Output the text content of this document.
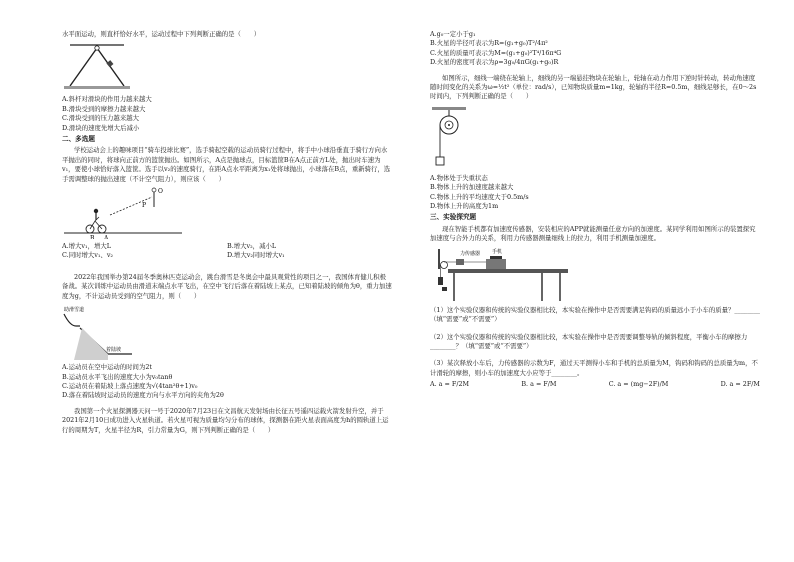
水平面运动，则直杆恰好水平，运动过程中下列判断正确的是（　　）

A.斜杆对滑块的作用力越来越大

B.滑块受到的摩擦力越来越大

C.滑块受到的压力越来越大

D.滑块的速度先增大后减小

二、多选题

学校运动会上的趣味项目“骑车投球比赛”，选手骑起空载的运动员骑行过程中，将手中小球沿垂直于骑行方向水平抛出的同时，将球向正前方的篮筐抛出。如图所示，A点是抛球点，目标篮筐B在A点正前方L处，抛出时车速为v₁，要使小球恰好落入篮筐。选手以v₂的速度骑行，在距A点水平距离为x₁处将球抛出，小球落在B点，重新骑行，选手需调整球的抛出速度（不计空气阻力），则应该（　　）

O
P
B A

A.增大v₁，增大L	B.增大v₂，减小L

C.同时增大v₁、v₂	D.增大v₂同时增大v₁

2022年我国举办第24届冬季奥林匹克运动会，跳台滑雪是冬奥会中最具观赏性的项目之一，我国体育健儿积极备战。某次训练中运动员由滑道末端点水平飞出，在空中飞行后落在着陆坡上某点，已知着陆坡的倾角为θ，重力加速度为g，不计运动员受到的空气阻力，则（　　）

助滑雪道
着陆坡

A.运动员在空中运动的时间为2t

B.运动员水平飞出的速度大小为v₀tanθ

C.运动员在着陆坡上落点速度为√(4tan²θ+1)v₀

D.落在着陆坡时运动员的速度方向与水平方向的夹角为2θ

我国第一个火星探测器天问一号于2020年7月23日在文昌航天发射场由长征五号遥四运载火箭发射升空，并于2021年2月10日成功进入火星轨道。若火星可视为质量均匀分布的球体，探测器在距火星表面高度为h的圆轨道上运行的周期为T，火星半径为R，引力常量为G，则下列判断正确的是（　　）

A.g₀一定小于g₁

B.火星的半径可表示为R=(g₁+g₀)T²/4π²

C.火星的质量可表示为M=(g₁+g₀)²T⁴/16π⁴G

D.火星的密度可表示为ρ=3g₀/4πG(g₁+g₀)R

如图所示，细线一端绕在轮轴上，细线的另一端悬挂物块在轮轴上，轮轴在动力作用下逆时针转动，转动角速度随时间变化的关系为ω=½t²（单位：rad/s），已知物块质量m=1kg，轮轴的半径R=0.5m，细线足够长，在0～2s时间内，下列判断正确的是（　　）

A.物体处于失重状态

B.物体上升的加速度越来越大

C.物体上升的平均速度大于0.5m/s

D.物体上升的高度为1m

三、实验探究题

现在智能手机都有加速度传感器，安装相应的APP就能测量任意方向的加速度。某同学利用如图所示的装置探究加速度与合外力的关系，利用力传感器测量细线上的拉力，利用手机测量加速度。

力传感器 手机

（1）这个实验仪器和传统的实验仪器相比较，本实验在操作中是否需要满足钩码的质量远小于小车的质量？________（填“需要”或“不需要”）

（2）这个实验仪器和传统的实验仪器相比较，本实验在操作中是否需要调整导轨的倾斜程度，平衡小车的摩擦力________？（填“需要”或“不需要”）

（3）某次释放小车后，力传感器的示数为F，通过天平测得小车和手机的总质量为M，钩码和钩码的总质量为m，不计滑轮的摩擦，则小车的加速度大小应等于________。

A. a = F/2M	B. a = F/M	C. a = (mg−2F)/M	D. a = 2F/M
